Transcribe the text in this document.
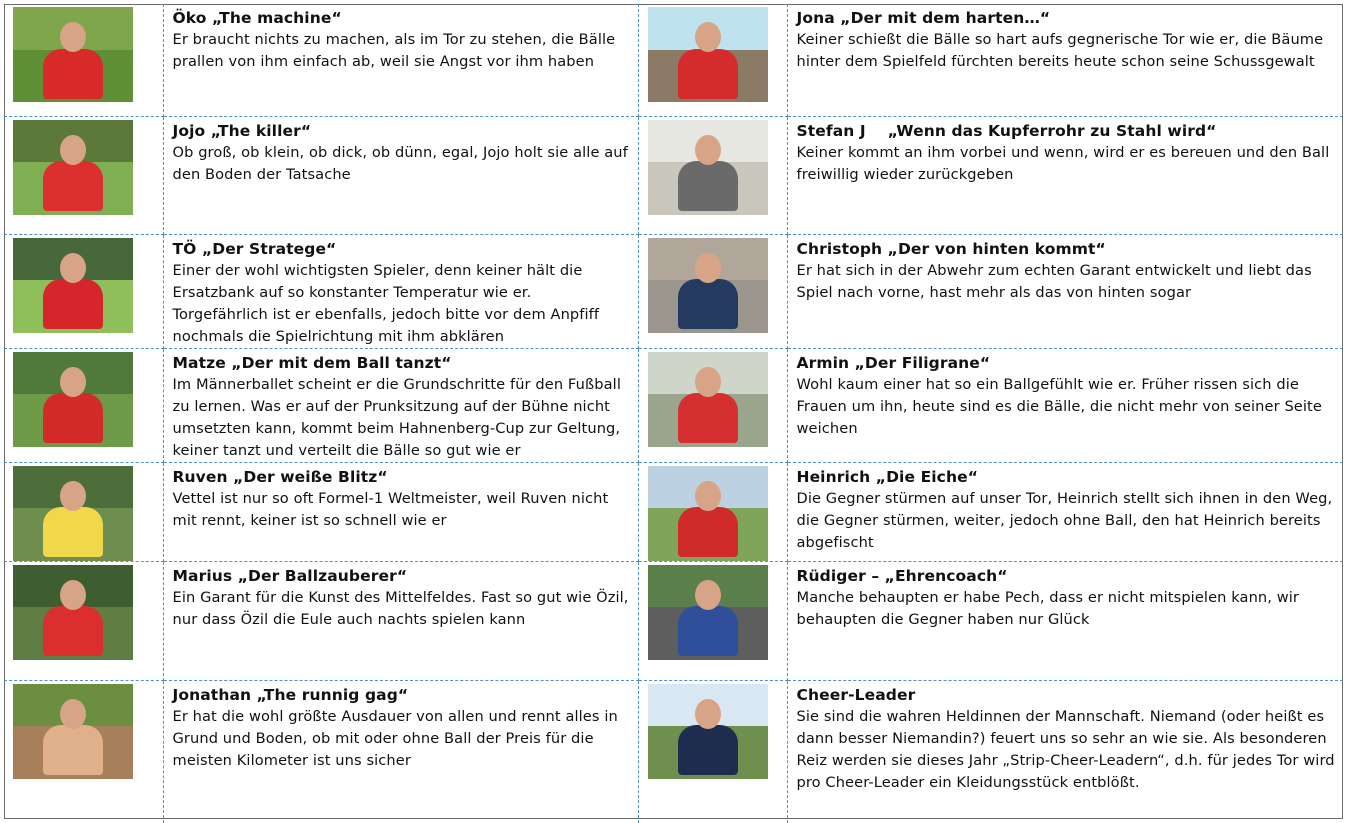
	Öko „The machine“
Er braucht nichts zu machen, als im Tor zu stehen, die Bälle prallen von ihm einfach ab, weil sie Angst vor ihm haben		Jona „Der mit dem harten…“
Keiner schießt die Bälle so hart aufs gegnerische Tor wie er, die Bäume hinter dem Spielfeld fürchten bereits heute schon seine Schussgewalt

	Jojo „The killer“
Ob groß, ob klein, ob dick, ob dünn, egal, Jojo holt sie alle auf den Boden der Tatsache		Stefan J    „Wenn das Kupferrohr zu Stahl wird“
Keiner kommt an ihm vorbei und wenn, wird er es bereuen und den Ball freiwillig wieder zurückgeben

	TÖ „Der Stratege“
Einer der wohl wichtigsten Spieler, denn keiner hält die Ersatzbank auf so konstanter Temperatur wie er. Torgefährlich ist er ebenfalls, jedoch bitte vor dem Anpfiff nochmals die Spielrichtung mit ihm abklären		Christoph „Der von hinten kommt“
Er hat sich in der Abwehr zum echten Garant entwickelt und liebt das Spiel nach vorne, hast mehr als das von hinten sogar

	Matze „Der mit dem Ball tanzt“
Im Männerballet scheint er die Grundschritte für den Fußball zu lernen. Was er auf der Prunksitzung auf der Bühne nicht umsetzten kann, kommt beim Hahnenberg-Cup zur Geltung, keiner tanzt und verteilt die Bälle so gut wie er		Armin „Der Filigrane“
Wohl kaum einer hat so ein Ballgefühlt wie er. Früher rissen sich die Frauen um ihn, heute sind es die Bälle, die nicht mehr von seiner Seite weichen

	Ruven „Der weiße Blitz“
Vettel ist nur so oft Formel-1 Weltmeister, weil Ruven nicht mit rennt, keiner ist so schnell wie er		Heinrich „Die Eiche“
Die Gegner stürmen auf unser Tor, Heinrich stellt sich ihnen in den Weg, die Gegner stürmen, weiter, jedoch ohne Ball, den hat Heinrich bereits abgefischt

	Marius „Der Ballzauberer“
Ein Garant für die Kunst des Mittelfeldes. Fast so gut wie Özil, nur dass Özil die Eule auch nachts spielen kann		Rüdiger – „Ehrencoach“
Manche behaupten er habe Pech, dass er nicht mitspielen kann, wir behaupten die Gegner haben nur Glück

	Jonathan „The runnig gag“
Er hat die wohl größte Ausdauer von allen und rennt alles in Grund und Boden, ob mit oder ohne Ball der Preis für die meisten Kilometer ist uns sicher		Cheer-Leader
Sie sind die wahren Heldinnen der Mannschaft. Niemand (oder heißt es dann besser Niemandin?) feuert uns so sehr an wie sie. Als besonderen Reiz werden sie dieses Jahr „Strip-Cheer-Leadern“, d.h. für jedes Tor wird pro Cheer-Leader ein Kleidungsstück entblößt.
